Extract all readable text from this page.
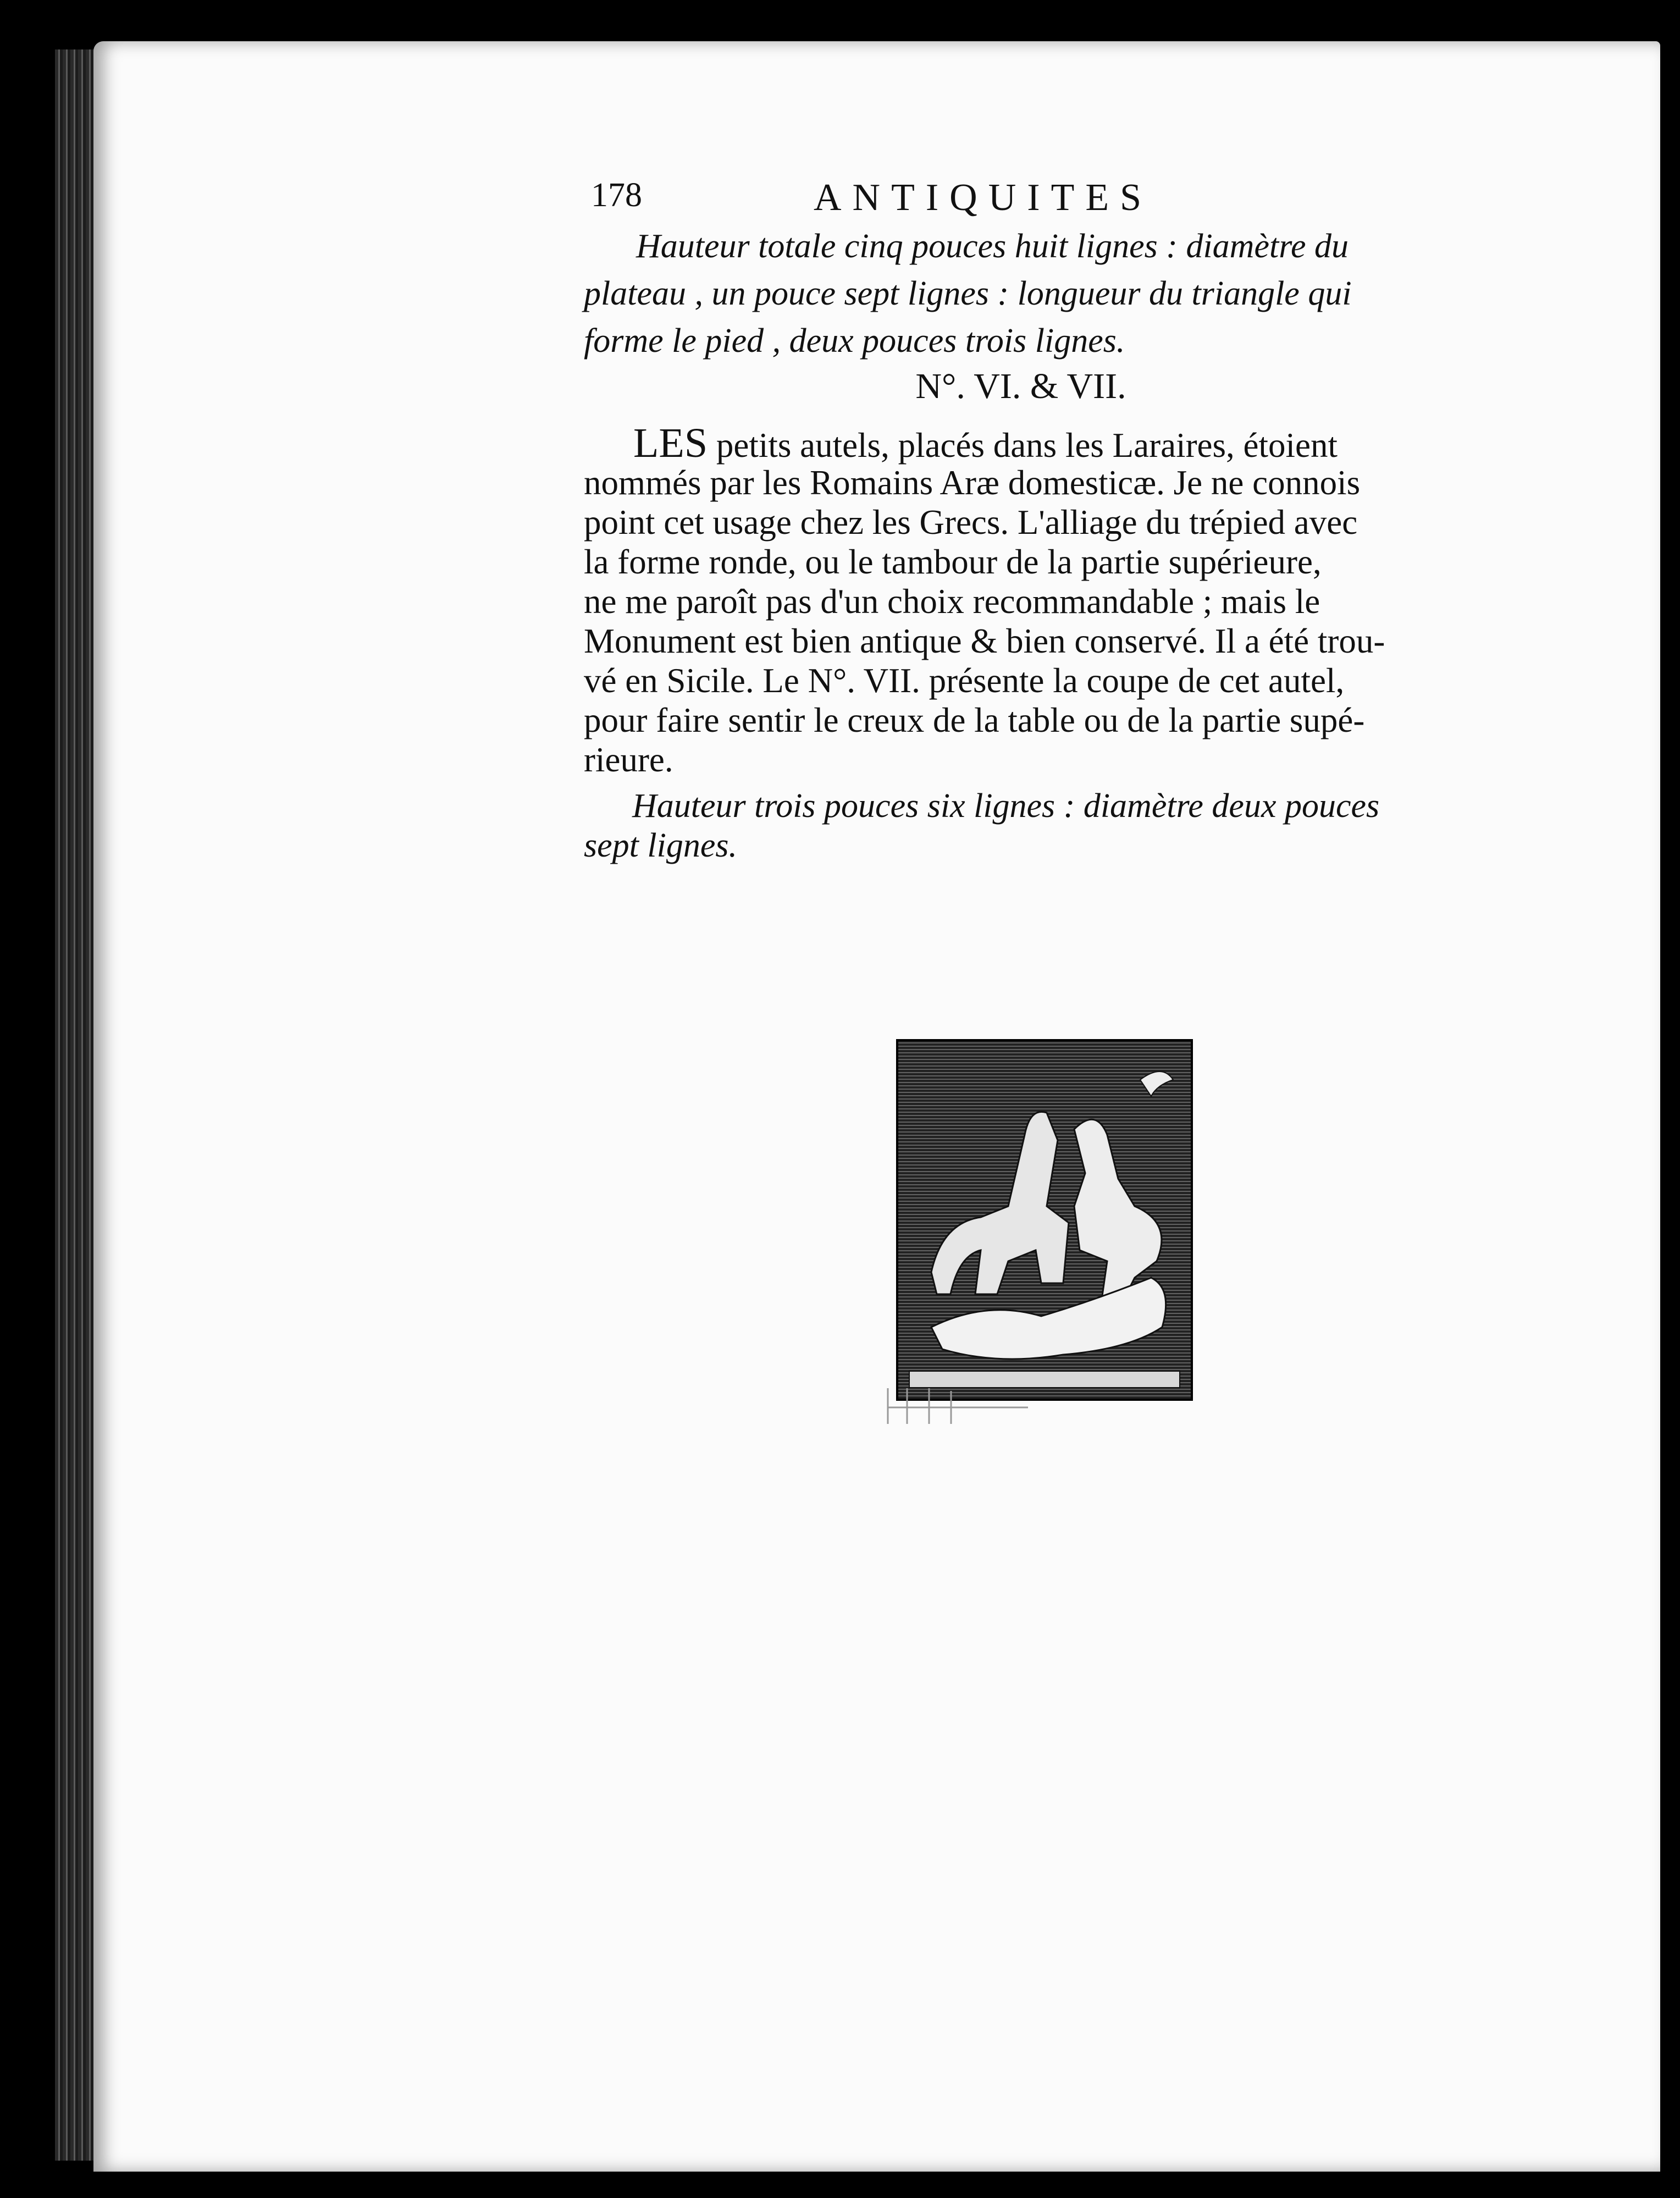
178	ANTIQUITES
Hauteur totale cinq pouces huit lignes : diamètre du
plateau , un pouce sept lignes : longueur du triangle qui
forme le pied , deux pouces trois lignes.
N°. VI. & VII.
LES petits autels, placés dans les Laraires, étoient
nommés par les Romains Aræ domesticæ. Je ne connois
point cet usage chez les Grecs. L'alliage du trépied avec
la forme ronde, ou le tambour de la partie supérieure,
ne me paroît pas d'un choix recommandable ; mais le
Monument est bien antique & bien conservé. Il a été trou-
vé en Sicile. Le N°. VII. présente la coupe de cet autel,
pour faire sentir le creux de la table ou de la partie supé-
rieure.
Hauteur trois pouces six lignes : diamètre deux pouces
sept lignes.
